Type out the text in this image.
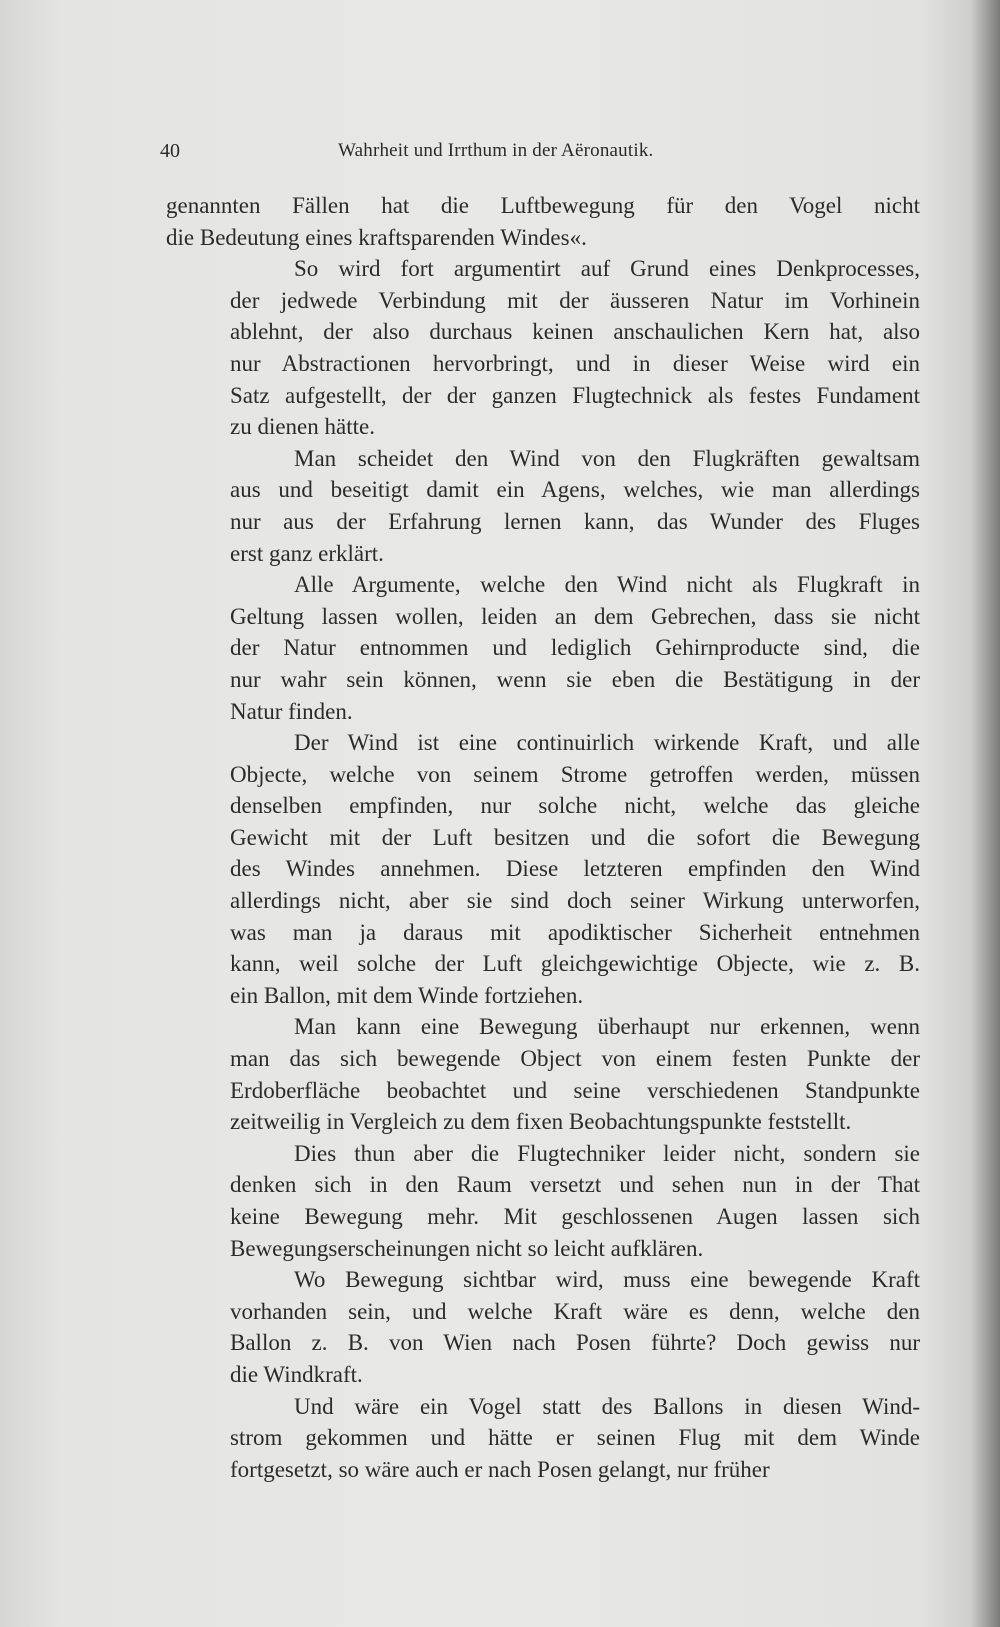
40	Wahrheit und Irrthum in der Aëronautik.
genannten Fällen hat die Luftbewegung für den Vogel nicht
die Bedeutung eines kraftsparenden Windes«.
So wird fort argumentirt auf Grund eines Denkprocesses,
der jedwede Verbindung mit der äusseren Natur im Vorhinein
ablehnt, der also durchaus keinen anschaulichen Kern hat, also
nur Abstractionen hervorbringt, und in dieser Weise wird ein
Satz aufgestellt, der der ganzen Flugtechnick als festes Fundament
zu dienen hätte.
Man scheidet den Wind von den Flugkräften gewaltsam
aus und beseitigt damit ein Agens, welches, wie man allerdings
nur aus der Erfahrung lernen kann, das Wunder des Fluges
erst ganz erklärt.
Alle Argumente, welche den Wind nicht als Flugkraft in
Geltung lassen wollen, leiden an dem Gebrechen, dass sie nicht
der Natur entnommen und lediglich Gehirnproducte sind, die
nur wahr sein können, wenn sie eben die Bestätigung in der
Natur finden.
Der Wind ist eine continuirlich wirkende Kraft, und alle
Objecte, welche von seinem Strome getroffen werden, müssen
denselben empfinden, nur solche nicht, welche das gleiche
Gewicht mit der Luft besitzen und die sofort die Bewegung
des Windes annehmen. Diese letzteren empfinden den Wind
allerdings nicht, aber sie sind doch seiner Wirkung unterworfen,
was man ja daraus mit apodiktischer Sicherheit entnehmen
kann, weil solche der Luft gleichgewichtige Objecte, wie z. B.
ein Ballon, mit dem Winde fortziehen.
Man kann eine Bewegung überhaupt nur erkennen, wenn
man das sich bewegende Object von einem festen Punkte der
Erdoberfläche beobachtet und seine verschiedenen Standpunkte
zeitweilig in Vergleich zu dem fixen Beobachtungspunkte feststellt.
Dies thun aber die Flugtechniker leider nicht, sondern sie
denken sich in den Raum versetzt und sehen nun in der That
keine Bewegung mehr. Mit geschlossenen Augen lassen sich
Bewegungserscheinungen nicht so leicht aufklären.
Wo Bewegung sichtbar wird, muss eine bewegende Kraft
vorhanden sein, und welche Kraft wäre es denn, welche den
Ballon z. B. von Wien nach Posen führte? Doch gewiss nur
die Windkraft.
Und wäre ein Vogel statt des Ballons in diesen Wind-
strom gekommen und hätte er seinen Flug mit dem Winde
fortgesetzt, so wäre auch er nach Posen gelangt, nur früher
